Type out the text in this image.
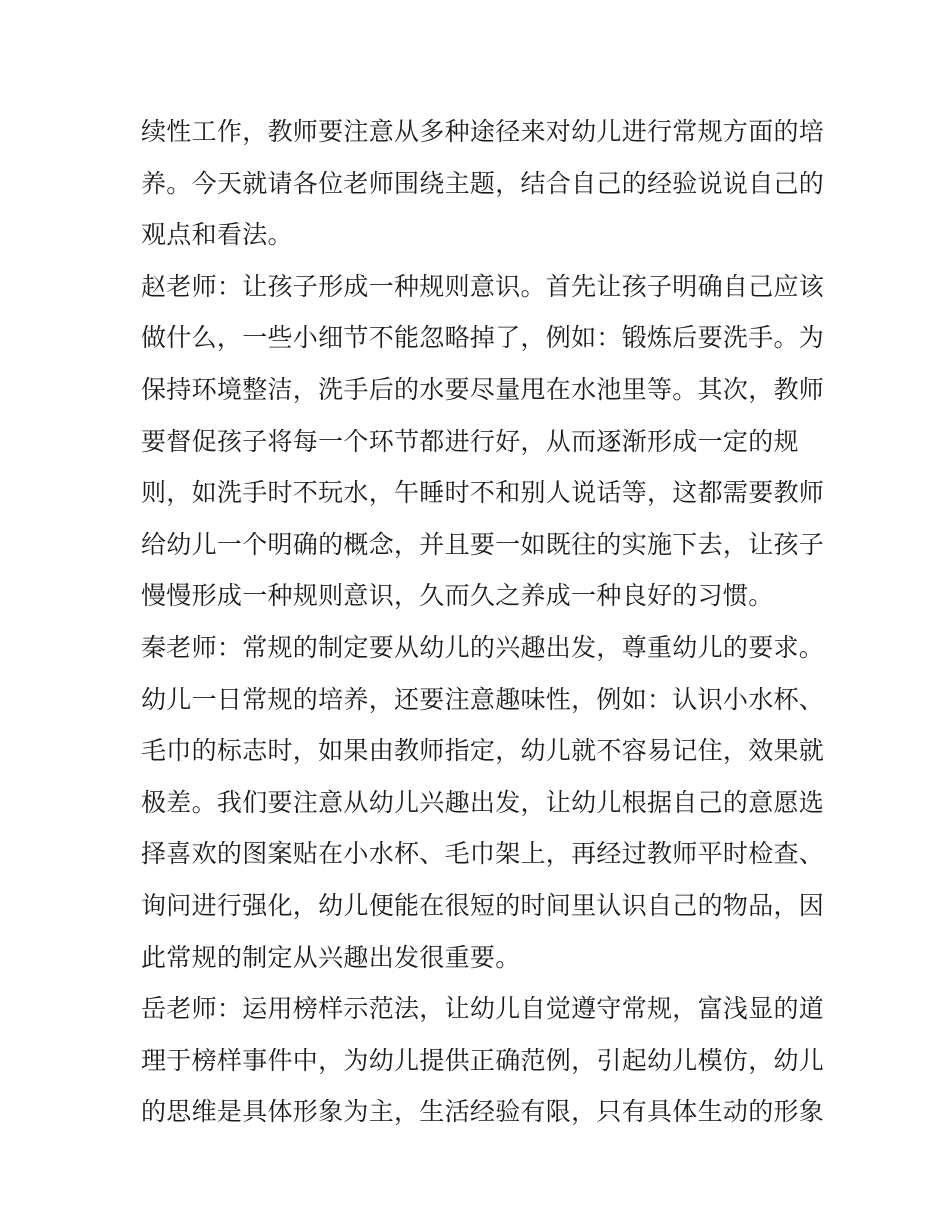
续性工作，教师要注意从多种途径来对幼儿进行常规方面的培
养。今天就请各位老师围绕主题，结合自己的经验说说自己的
观点和看法。
赵老师：让孩子形成一种规则意识。首先让孩子明确自己应该
做什么，一些小细节不能忽略掉了，例如：锻炼后要洗手。为
保持环境整洁，洗手后的水要尽量甩在水池里等。其次，教师
要督促孩子将每一个环节都进行好，从而逐渐形成一定的规
则，如洗手时不玩水，午睡时不和别人说话等，这都需要教师
给幼儿一个明确的概念，并且要一如既往的实施下去，让孩子
慢慢形成一种规则意识，久而久之养成一种良好的习惯。
秦老师：常规的制定要从幼儿的兴趣出发，尊重幼儿的要求。
幼儿一日常规的培养，还要注意趣味性，例如：认识小水杯、
毛巾的标志时，如果由教师指定，幼儿就不容易记住，效果就
极差。我们要注意从幼儿兴趣出发，让幼儿根据自己的意愿选
择喜欢的图案贴在小水杯、毛巾架上，再经过教师平时检查、
询问进行强化，幼儿便能在很短的时间里认识自己的物品，因
此常规的制定从兴趣出发很重要。
岳老师：运用榜样示范法，让幼儿自觉遵守常规，富浅显的道
理于榜样事件中，为幼儿提供正确范例，引起幼儿模仿，幼儿
的思维是具体形象为主，生活经验有限，只有具体生动的形象
